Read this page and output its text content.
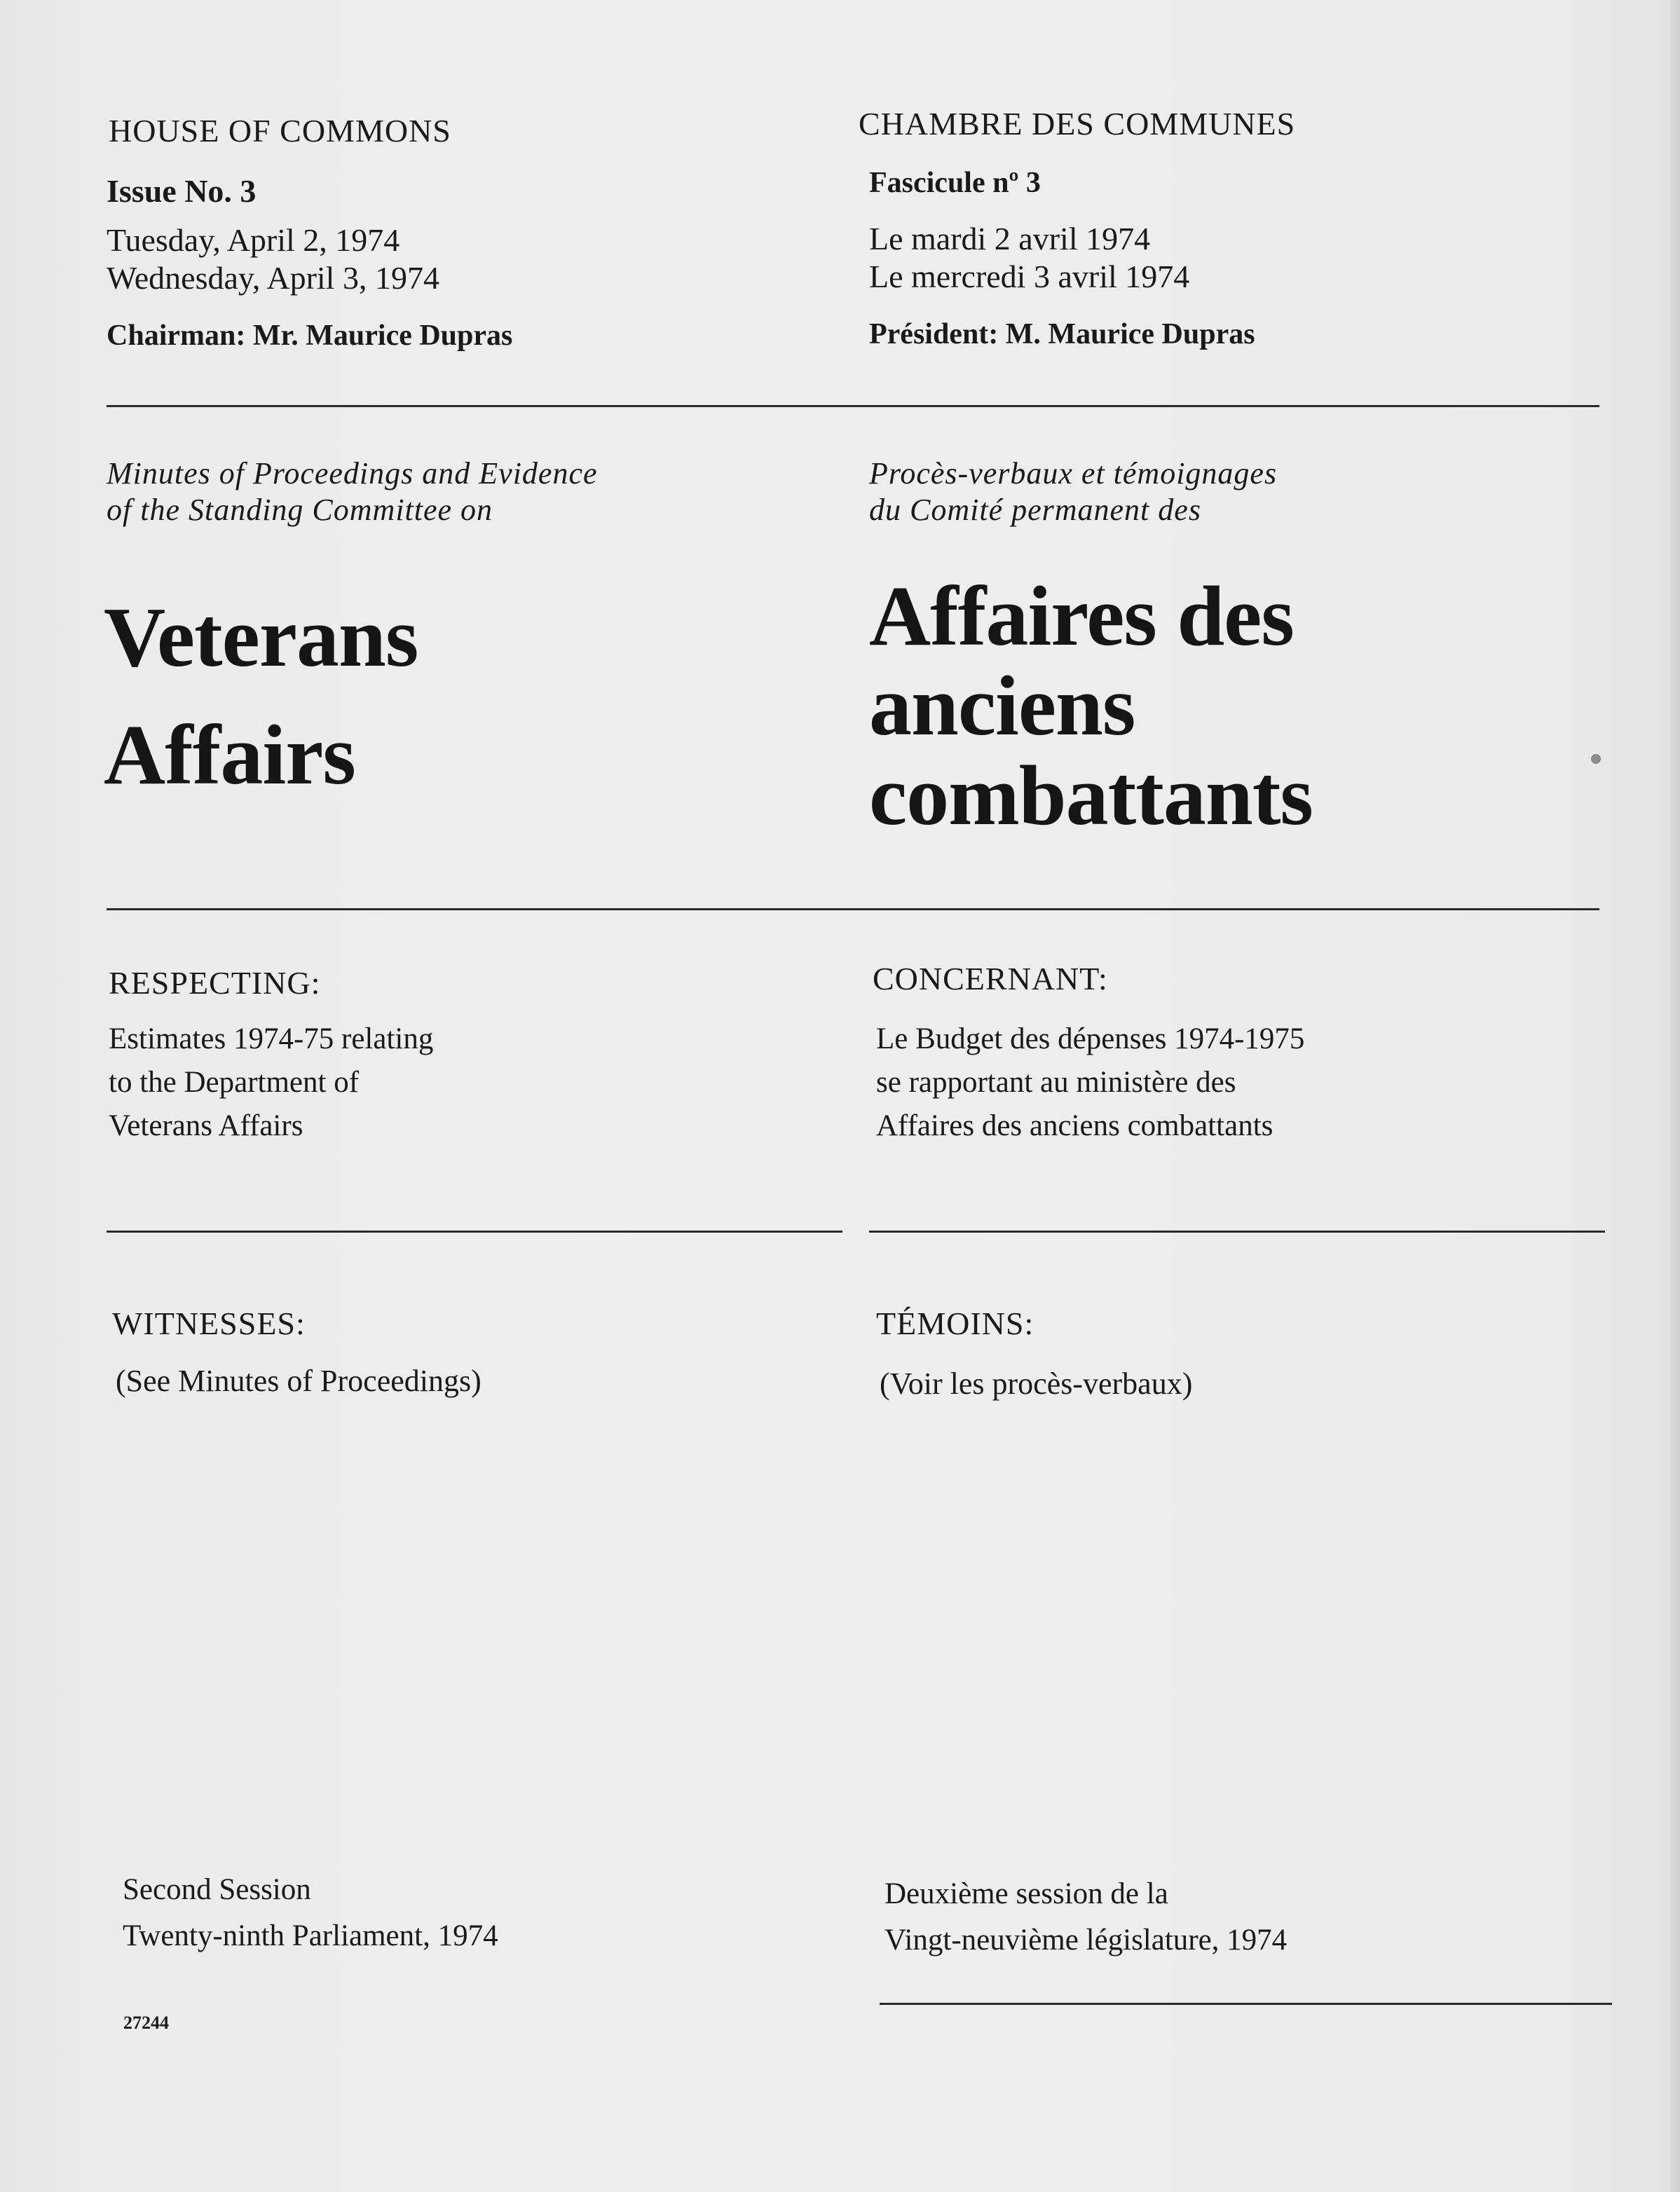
HOUSE OF COMMONS
Issue No. 3
Tuesday, April 2, 1974
Wednesday, April 3, 1974
Chairman: Mr. Maurice Dupras
CHAMBRE DES COMMUNES
Fascicule nº 3
Le mardi 2 avril 1974
Le mercredi 3 avril 1974
Président: M. Maurice Dupras
Minutes of Proceedings and Evidence
of the Standing Committee on
Procès-verbaux et témoignages
du Comité permanent des
Veterans
Affairs
Affaires des
anciens
combattants
RESPECTING:
Estimates 1974-75 relating
to the Department of
Veterans Affairs
CONCERNANT:
Le Budget des dépenses 1974-1975
se rapportant au ministère des
Affaires des anciens combattants
WITNESSES:
(See Minutes of Proceedings)
TÉMOINS:
(Voir les procès-verbaux)
Second Session
Twenty-ninth Parliament, 1974
Deuxième session de la
Vingt-neuvième législature, 1974
27244
